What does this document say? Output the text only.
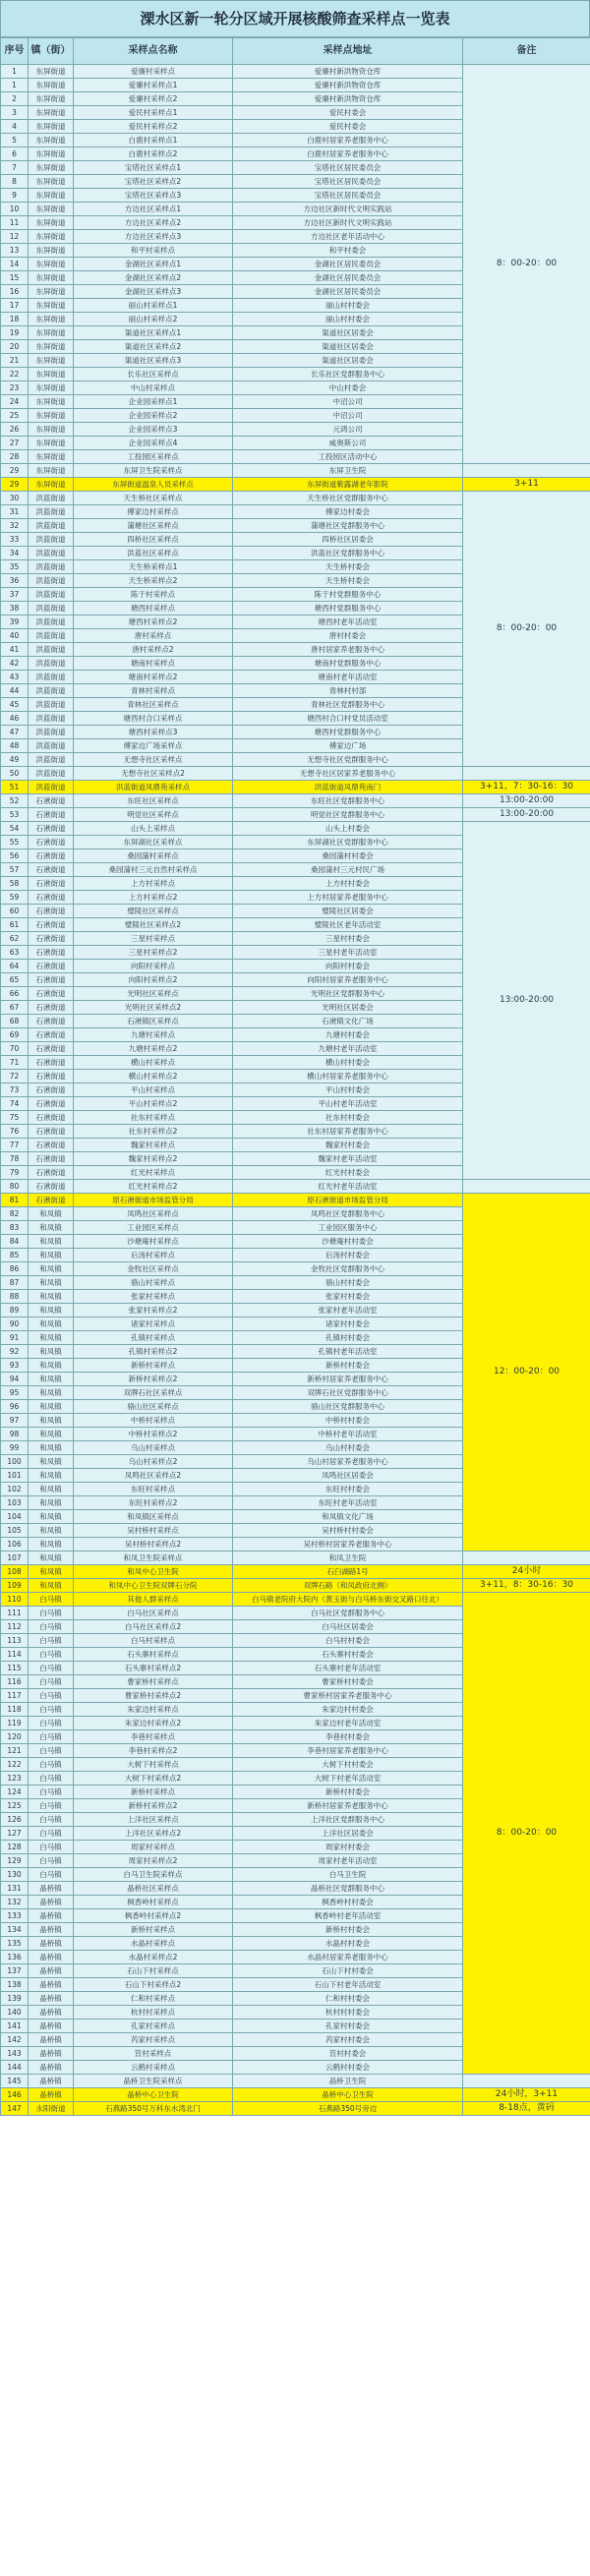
溧水区新一轮分区域开展核酸筛查采样点一览表
序号	镇（街）	采样点名称	采样点地址	备注
1	东屏街道	爱廉村采样点	爱廉村新洪物资仓库	8：00-20：00
1	东屏街道	爱廉村采样点1	爱廉村新洪物资仓库	
2	东屏街道	爱廉村采样点2	爱廉村新洪物资仓库	
3	东屏街道	爱民村采样点1	爱民村委会	
4	东屏街道	爱民村采样点2	爱民村委会	
5	东屏街道	白鹿村采样点1	白鹿村居家养老服务中心	
6	东屏街道	白鹿村采样点2	白鹿村居家养老服务中心	
7	东屏街道	宝塔社区采样点1	宝塔社区居民委员会	
8	东屏街道	宝塔社区采样点2	宝塔社区居民委员会	
9	东屏街道	宝塔社区采样点3	宝塔社区居民委员会	
10	东屏街道	方边社区采样点1	方边社区新时代文明实践站	
11	东屏街道	方边社区采样点2	方边社区新时代文明实践站	
12	东屏街道	方边社区采样点3	方边社区老年活动中心	
13	东屏街道	和平村采样点	和平村委会	
14	东屏街道	金湖社区采样点1	金湖社区居民委员会	
15	东屏街道	金湖社区采样点2	金湖社区居民委员会	
16	东屏街道	金湖社区采样点3	金湖社区居民委员会	
17	东屏街道	丽山村采样点1	丽山村村委会	
18	东屏街道	丽山村采样点2	丽山村村委会	
19	东屏街道	渠道社区采样点1	渠道社区居委会	
20	东屏街道	渠道社区采样点2	渠道社区居委会	
21	东屏街道	渠道社区采样点3	渠道社区居委会	
22	东屏街道	长乐社区采样点	长乐社区党群服务中心	
23	东屏街道	中山村采样点	中山村委会	
24	东屏街道	企业园采样点1	中沼公司	
25	东屏街道	企业园采样点2	中沼公司	
26	东屏街道	企业园采样点3	元鸿公司	
27	东屏街道	企业园采样点4	威奥斯公司	
28	东屏街道	工投园区采样点	工投园区活动中心	
29	东屏街道	东屏卫生院采样点	东屏卫生院	
29	东屏街道	东屏街道温泉人员采样点	东屏街道紫露湖老年影院	3+11
30	洪蓝街道	天生桥社区采样点	天生桥社区党群服务中心	8：00-20：00
31	洪蓝街道	傅家边村采样点	傅家边村委会	
32	洪蓝街道	蒲塘社区采样点	蒲塘社区党群服务中心	
33	洪蓝街道	四桥社区采样点	四桥社区居委会	
34	洪蓝街道	洪蓝社区采样点	洪蓝社区党群服务中心	
35	洪蓝街道	天生桥采样点1	天生桥村委会	
36	洪蓝街道	天生桥采样点2	天生桥村委会	
37	洪蓝街道	陈于村采样点	陈于村党群服务中心	
38	洪蓝街道	塘西村采样点	塘西村党群服务中心	
39	洪蓝街道	塘西村采样点2	塘西村老年活动室	
40	洪蓝街道	唐村采样点	唐村村委会	
41	洪蓝街道	唐村采样点2	唐村居家养老服务中心	
42	洪蓝街道	塘南村采样点	塘南村党群服务中心	
43	洪蓝街道	塘南村采样点2	塘南村老年活动室	
44	洪蓝街道	青林村采样点	青林村村部	
45	洪蓝街道	青林社区采样点	青林社区党群服务中心	
46	洪蓝街道	塘西村合口采样点	塘西村合口村党员活动室	
47	洪蓝街道	塘西村采样点3	塘西村党群服务中心	
48	洪蓝街道	傅家边广场采样点	傅家边广场	
49	洪蓝街道	无想寺社区采样点	无想寺社区党群服务中心	
50	洪蓝街道	无想寺社区采样点2	无想寺社区居家养老服务中心	
51	洪蓝街道	洪蓝街道凤鼎苑采样点	洪蓝街道凤鼎苑南门	3+11，7：30-16：30
52	石湫街道	东旺社区采样点	东旺社区党群服务中心	13:00-20:00
53	石湫街道	明觉社区采样点	明觉社区党群服务中心	13:00-20:00
54	石湫街道	山头上采样点	山头上村委会	13:00-20:00
55	石湫街道	东屏湖社区采样点	东屏湖社区党群服务中心	
56	石湫街道	桑园蒲村采样点	桑园蒲村村委会	
57	石湫街道	桑园蒲村三元自然村采样点	桑园蒲村三元村民广场	
58	石湫街道	上方村采样点	上方村村委会	
59	石湫街道	上方村采样点2	上方村居家养老服务中心	
60	石湫街道	璧陵社区采样点	璧陵社区居委会	
61	石湫街道	璧陵社区采样点2	璧陵社区老年活动室	
62	石湫街道	三星村采样点	三星村村委会	
63	石湫街道	三星村采样点2	三星村老年活动室	
64	石湫街道	向阳村采样点	向阳村村委会	
65	石湫街道	向阳村采样点2	向阳村居家养老服务中心	
66	石湫街道	光明社区采样点	光明社区党群服务中心	
67	石湫街道	光明社区采样点2	光明社区居委会	
68	石湫街道	石湫镇区采样点	石湫镇文化广场	
69	石湫街道	九塘村采样点	九塘村村委会	
70	石湫街道	九塘村采样点2	九塘村老年活动室	
71	石湫街道	横山村采样点	横山村村委会	
72	石湫街道	横山村采样点2	横山村居家养老服务中心	
73	石湫街道	平山村采样点	平山村村委会	
74	石湫街道	平山村采样点2	平山村老年活动室	
75	石湫街道	社东村采样点	社东村村委会	
76	石湫街道	社东村采样点2	社东村居家养老服务中心	
77	石湫街道	魏家村采样点	魏家村村委会	
78	石湫街道	魏家村采样点2	魏家村老年活动室	
79	石湫街道	红光村采样点	红光村村委会	
80	石湫街道	红光村采样点2	红光村老年活动室	
81	石湫街道	原石湫街道市场监管分局	原石湫街道市场监管分局	12：00-20：00
82	和凤镇	凤鸣社区采样点	凤鸣社区党群服务中心	
83	和凤镇	工业园区采样点	工业园区服务中心	
84	和凤镇	沙塘庵村采样点	沙塘庵村村委会	
85	和凤镇	后汤村采样点	后汤村村委会	
86	和凤镇	金牧社区采样点	金牧社区党群服务中心	
87	和凤镇	骆山村采样点	骆山村村委会	
88	和凤镇	张家村采样点	张家村村委会	
89	和凤镇	张家村采样点2	张家村老年活动室	
90	和凤镇	诸家村采样点	诸家村村委会	
91	和凤镇	孔镇村采样点	孔镇村村委会	
92	和凤镇	孔镇村采样点2	孔镇村老年活动室	
93	和凤镇	新桥村采样点	新桥村村委会	
94	和凤镇	新桥村采样点2	新桥村居家养老服务中心	
95	和凤镇	双牌石社区采样点	双牌石社区党群服务中心	
96	和凤镇	骆山社区采样点	骆山社区党群服务中心	
97	和凤镇	中桥村采样点	中桥村村委会	
98	和凤镇	中桥村采样点2	中桥村老年活动室	
99	和凤镇	乌山村采样点	乌山村村委会	
100	和凤镇	乌山村采样点2	乌山村居家养老服务中心	
101	和凤镇	凤鸣社区采样点2	凤鸣社区居委会	
102	和凤镇	东旺村采样点	东旺村村委会	
103	和凤镇	东旺村采样点2	东旺村老年活动室	
104	和凤镇	和凤镇区采样点	和凤镇文化广场	
105	和凤镇	吴村桥村采样点	吴村桥村村委会	
106	和凤镇	吴村桥村采样点2	吴村桥村居家养老服务中心	
107	和凤镇	和凤卫生院采样点	和凤卫生院	
108	和凤镇	和凤中心卫生院	石臼湖路1号	24小时
109	和凤镇	和凤中心卫生院双牌石分院	双牌石路（和凤政府北侧）	3+11，8：30-16：30
110	白马镇	其他人群采样点	白马镇老院府大院内（黄玉街与白马桥东街交叉路口往北）	8：00-20：00
111	白马镇	白马社区采样点	白马社区党群服务中心	
112	白马镇	白马社区采样点2	白马社区居委会	
113	白马镇	白马村采样点	白马村村委会	
114	白马镇	石头寨村采样点	石头寨村村委会	
115	白马镇	石头寨村采样点2	石头寨村老年活动室	
116	白马镇	曹家桥村采样点	曹家桥村村委会	
117	白马镇	曹家桥村采样点2	曹家桥村居家养老服务中心	
118	白马镇	朱家边村采样点	朱家边村村委会	
119	白马镇	朱家边村采样点2	朱家边村老年活动室	
120	白马镇	李巷村采样点	李巷村村委会	
121	白马镇	李巷村采样点2	李巷村居家养老服务中心	
122	白马镇	大树下村采样点	大树下村村委会	
123	白马镇	大树下村采样点2	大树下村老年活动室	
124	白马镇	新桥村采样点	新桥村村委会	
125	白马镇	新桥村采样点2	新桥村居家养老服务中心	
126	白马镇	上洋社区采样点	上洋社区党群服务中心	
127	白马镇	上洋社区采样点2	上洋社区居委会	
128	白马镇	周家村采样点	周家村村委会	
129	白马镇	周家村采样点2	周家村老年活动室	
130	白马镇	白马卫生院采样点	白马卫生院	
131	晶桥镇	晶桥社区采样点	晶桥社区党群服务中心	
132	晶桥镇	枫香岭村采样点	枫香岭村村委会	
133	晶桥镇	枫香岭村采样点2	枫香岭村老年活动室	
134	晶桥镇	新桥村采样点	新桥村村委会	
135	晶桥镇	水晶村采样点	水晶村村委会	
136	晶桥镇	水晶村采样点2	水晶村居家养老服务中心	
137	晶桥镇	石山下村采样点	石山下村村委会	
138	晶桥镇	石山下村采样点2	石山下村老年活动室	
139	晶桥镇	仁和村采样点	仁和村村委会	
140	晶桥镇	杭村村采样点	杭村村村委会	
141	晶桥镇	孔家村采样点	孔家村村委会	
142	晶桥镇	芮家村采样点	芮家村村委会	
143	晶桥镇	笪村采样点	笪村村委会	
144	晶桥镇	云鹤村采样点	云鹤村村委会	
145	晶桥镇	晶桥卫生院采样点	晶桥卫生院	
146	晶桥镇	晶桥中心卫生院	晶桥中心卫生院	24小时，3+11
147	永阳街道	石燕路350号万科东水湾北门	石燕路350号旁边	8-18点，黄码
